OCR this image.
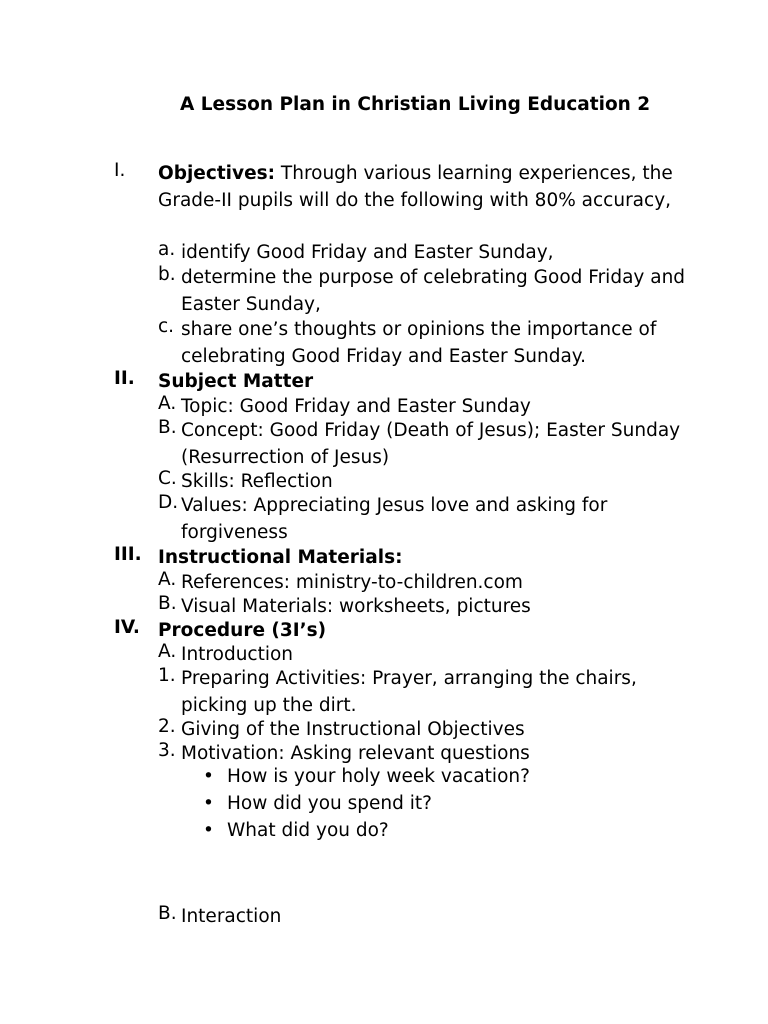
A Lesson Plan in Christian Living Education 2

I. Objectives: Through various learning experiences, the Grade-II pupils will do the following with 80% accuracy,
a. identify Good Friday and Easter Sunday,
b. determine the purpose of celebrating Good Friday and Easter Sunday,
c. share one’s thoughts or opinions the importance of celebrating Good Friday and Easter Sunday.
II. Subject Matter
A. Topic: Good Friday and Easter Sunday
B. Concept: Good Friday (Death of Jesus); Easter Sunday (Resurrection of Jesus)
C. Skills: Reflection
D. Values: Appreciating Jesus love and asking for forgiveness
III. Instructional Materials:
A. References: ministry-to-children.com
B. Visual Materials: worksheets, pictures
IV. Procedure (3I’s)
A. Introduction
1. Preparing Activities: Prayer, arranging the chairs, picking up the dirt.
2. Giving of the Instructional Objectives
3. Motivation: Asking relevant questions
• How is your holy week vacation?
• How did you spend it?
• What did you do?
B. Interaction
